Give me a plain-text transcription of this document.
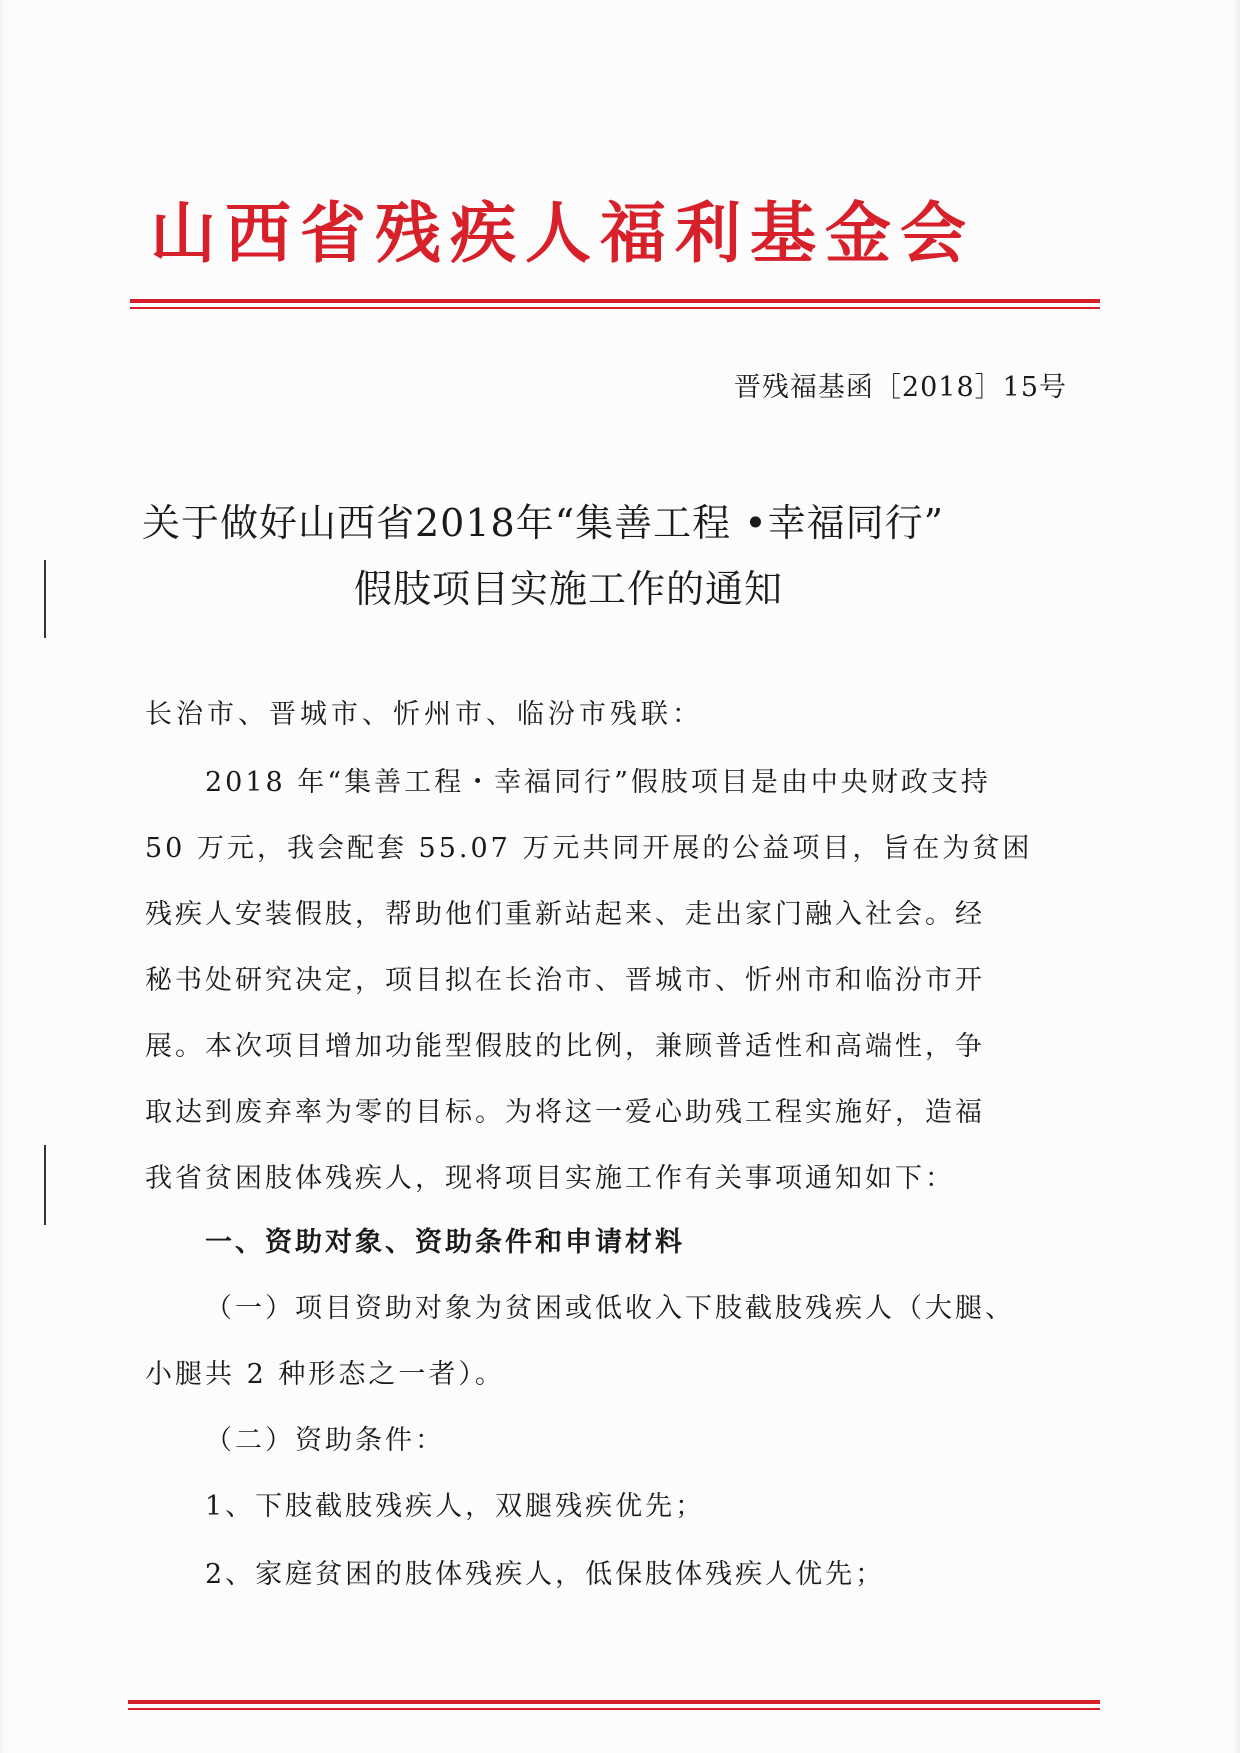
山西省残疾人福利基金会
晋残福基函［2018］15号
关于做好山西省2018年“集善工程 •幸福同行”
假肢项目实施工作的通知
长治市、晋城市、忻州市、临汾市残联：
2018 年“集善工程・幸福同行”假肢项目是由中央财政支持
50 万元，我会配套 55.07 万元共同开展的公益项目，旨在为贫困
残疾人安装假肢，帮助他们重新站起来、走出家门融入社会。经
秘书处研究决定，项目拟在长治市、晋城市、忻州市和临汾市开
展。本次项目增加功能型假肢的比例，兼顾普适性和高端性，争
取达到废弃率为零的目标。为将这一爱心助残工程实施好，造福
我省贫困肢体残疾人，现将项目实施工作有关事项通知如下：
一、资助对象、资助条件和申请材料
（一）项目资助对象为贫困或低收入下肢截肢残疾人（大腿、
小腿共 2 种形态之一者）。
（二）资助条件：
1、下肢截肢残疾人，双腿残疾优先；
2、家庭贫困的肢体残疾人，低保肢体残疾人优先；
